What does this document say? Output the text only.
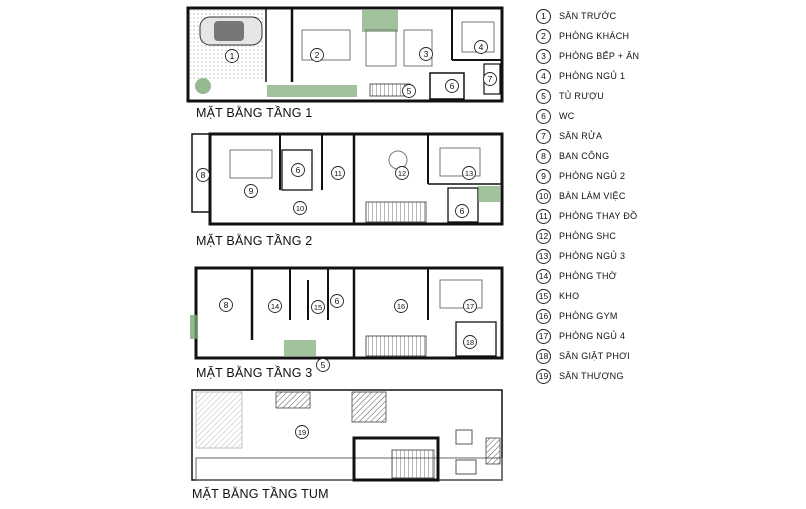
1	2	3
4
5	6
7
8
9
6	11
10
12	13
6
8	14	15
6
16	17
18
5
19
MẶT BẰNG TẦNG 1
MẶT BẰNG TẦNG 2
MẶT BẰNG TẦNG 3
MẶT BẰNG TẦNG TUM
1	SÂN TRƯỚC
2	PHÒNG KHÁCH
3	PHÒNG BẾP + ĂN
4	PHÒNG NGỦ 1
5	TỦ RƯỢU
6	WC
7	SÂN RỬA
8	BAN CÔNG
9	PHÒNG NGỦ 2
10	BÀN LÀM VIỆC
11	PHÒNG THAY ĐỒ
12	PHÒNG SHC
13	PHÒNG NGỦ 3
14	PHÒNG THỜ
15	KHO
16	PHÒNG GYM
17	PHÒNG NGỦ 4
18	SÂN GIẶT PHƠI
19	SÂN THƯỢNG
